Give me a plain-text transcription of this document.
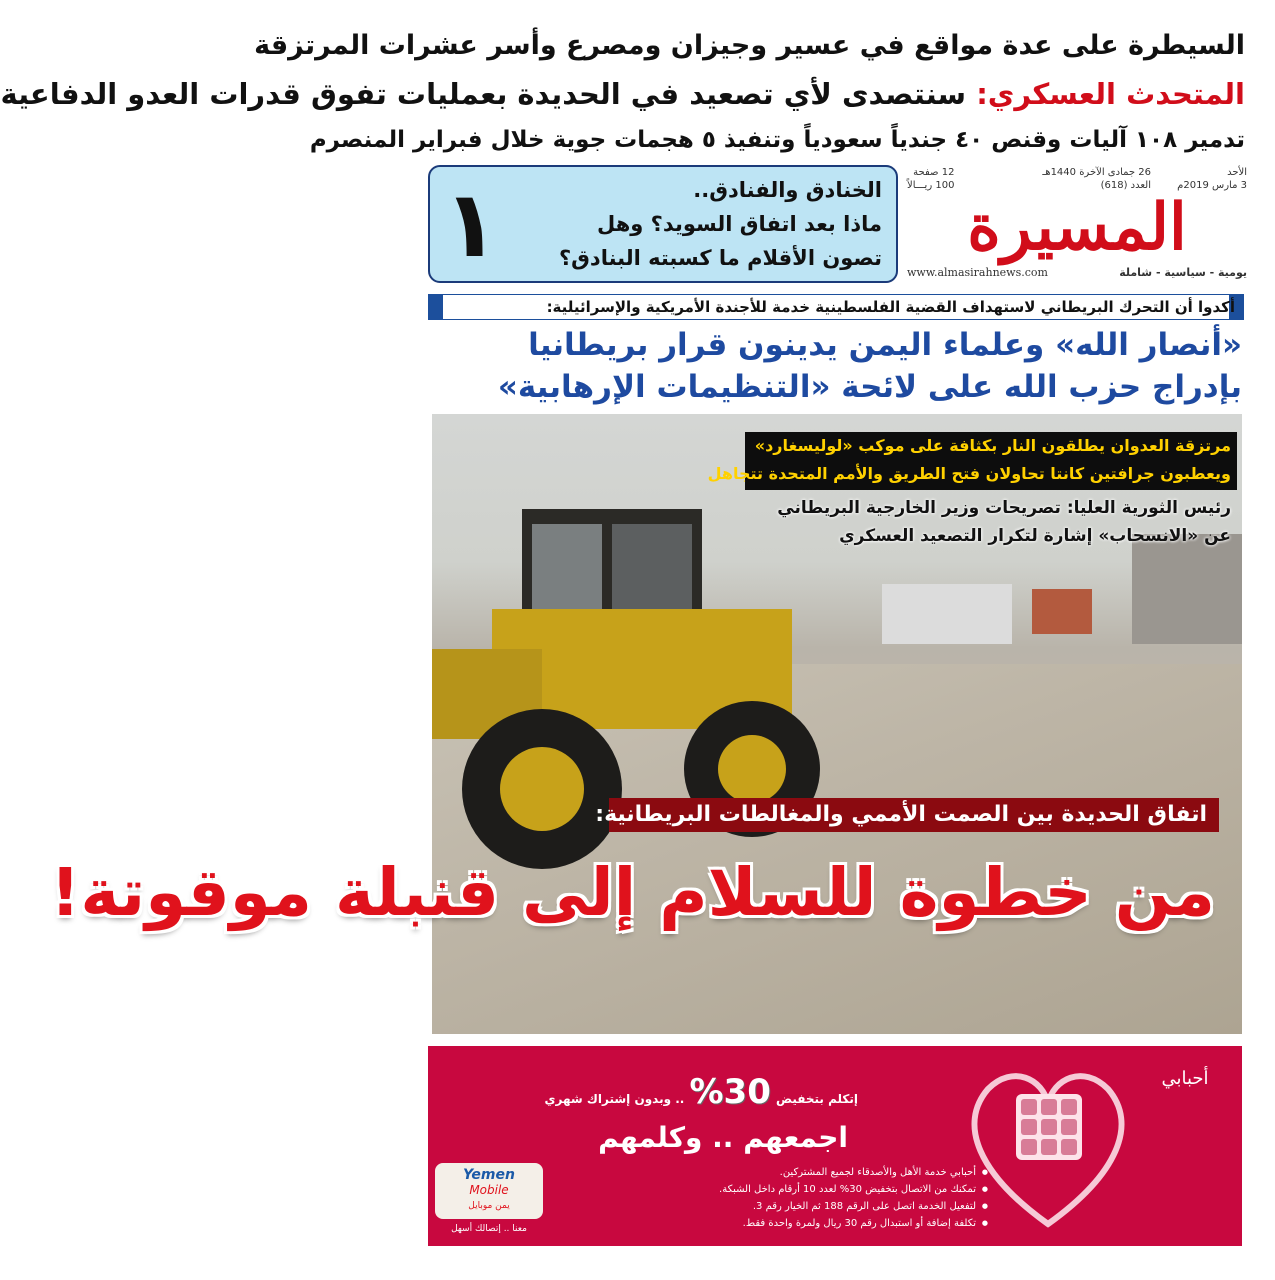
السيطرة على عدة مواقع في عسير وجيزان ومصرع وأسر عشرات المرتزقة
المتحدث العسكري: سنتصدى لأي تصعيد في الحديدة بعمليات تفوق قدرات العدو الدفاعية
تدمير ١٠٨ آليات وقنص ٤٠ جندياً سعودياً وتنفيذ ٥ هجمات جوية خلال فبراير المنصرم
١	الخنادق والفنادق..
ماذا بعد اتفاق السويد؟ وهل
تصون الأقلام ما كسبته البنادق؟
الأحد
3 مارس 2019م
26 جمادى الآخرة 1440هـ
العدد (618)
12 صفحة
100 ريـــالاً
المسيرة
يومية - سياسية - شاملة
www.almasirahnews.com
أكدوا أن التحرك البريطاني لاستهداف القضية الفلسطينية خدمة للأجندة الأمريكية والإسرائيلية:
«أنصار الله» وعلماء اليمن يدينون قرار بريطانيا بإدراج حزب الله على لائحة «التنظيمات الإرهابية»
مرتزقة العدوان يطلقون النار بكثافة على موكب «لوليسغارد»
ويعطبون جرافتين كانتا تحاولان فتح الطريق والأمم المتحدة تتجاهل
رئيس الثورية العليا: تصريحات وزير الخارجية البريطاني
عن «الانسحاب» إشارة لتكرار التصعيد العسكري
اتفاق الحديدة بين الصمت الأممي والمغالطات البريطانية:
من خطوة للسلام إلى قنبلة موقوتة!
أحبابي
إتكلم بتخفيض 30% .. وبدون إشتراك شهري
اجمعهم .. وكلمهم
● أحبابي خدمة الأهل والأصدقاء لجميع المشتركين.
● تمكنك من الاتصال بتخفيض 30% لعدد 10 أرقام داخل الشبكة.
● لتفعيل الخدمة اتصل على الرقم 188 ثم الخيار رقم 3.
● تكلفة إضافة أو استبدال رقم 30 ريال ولمرة واحدة فقط.
Yemen
Mobile
يمن موبايل
معنا .. إتصالك أسهل
